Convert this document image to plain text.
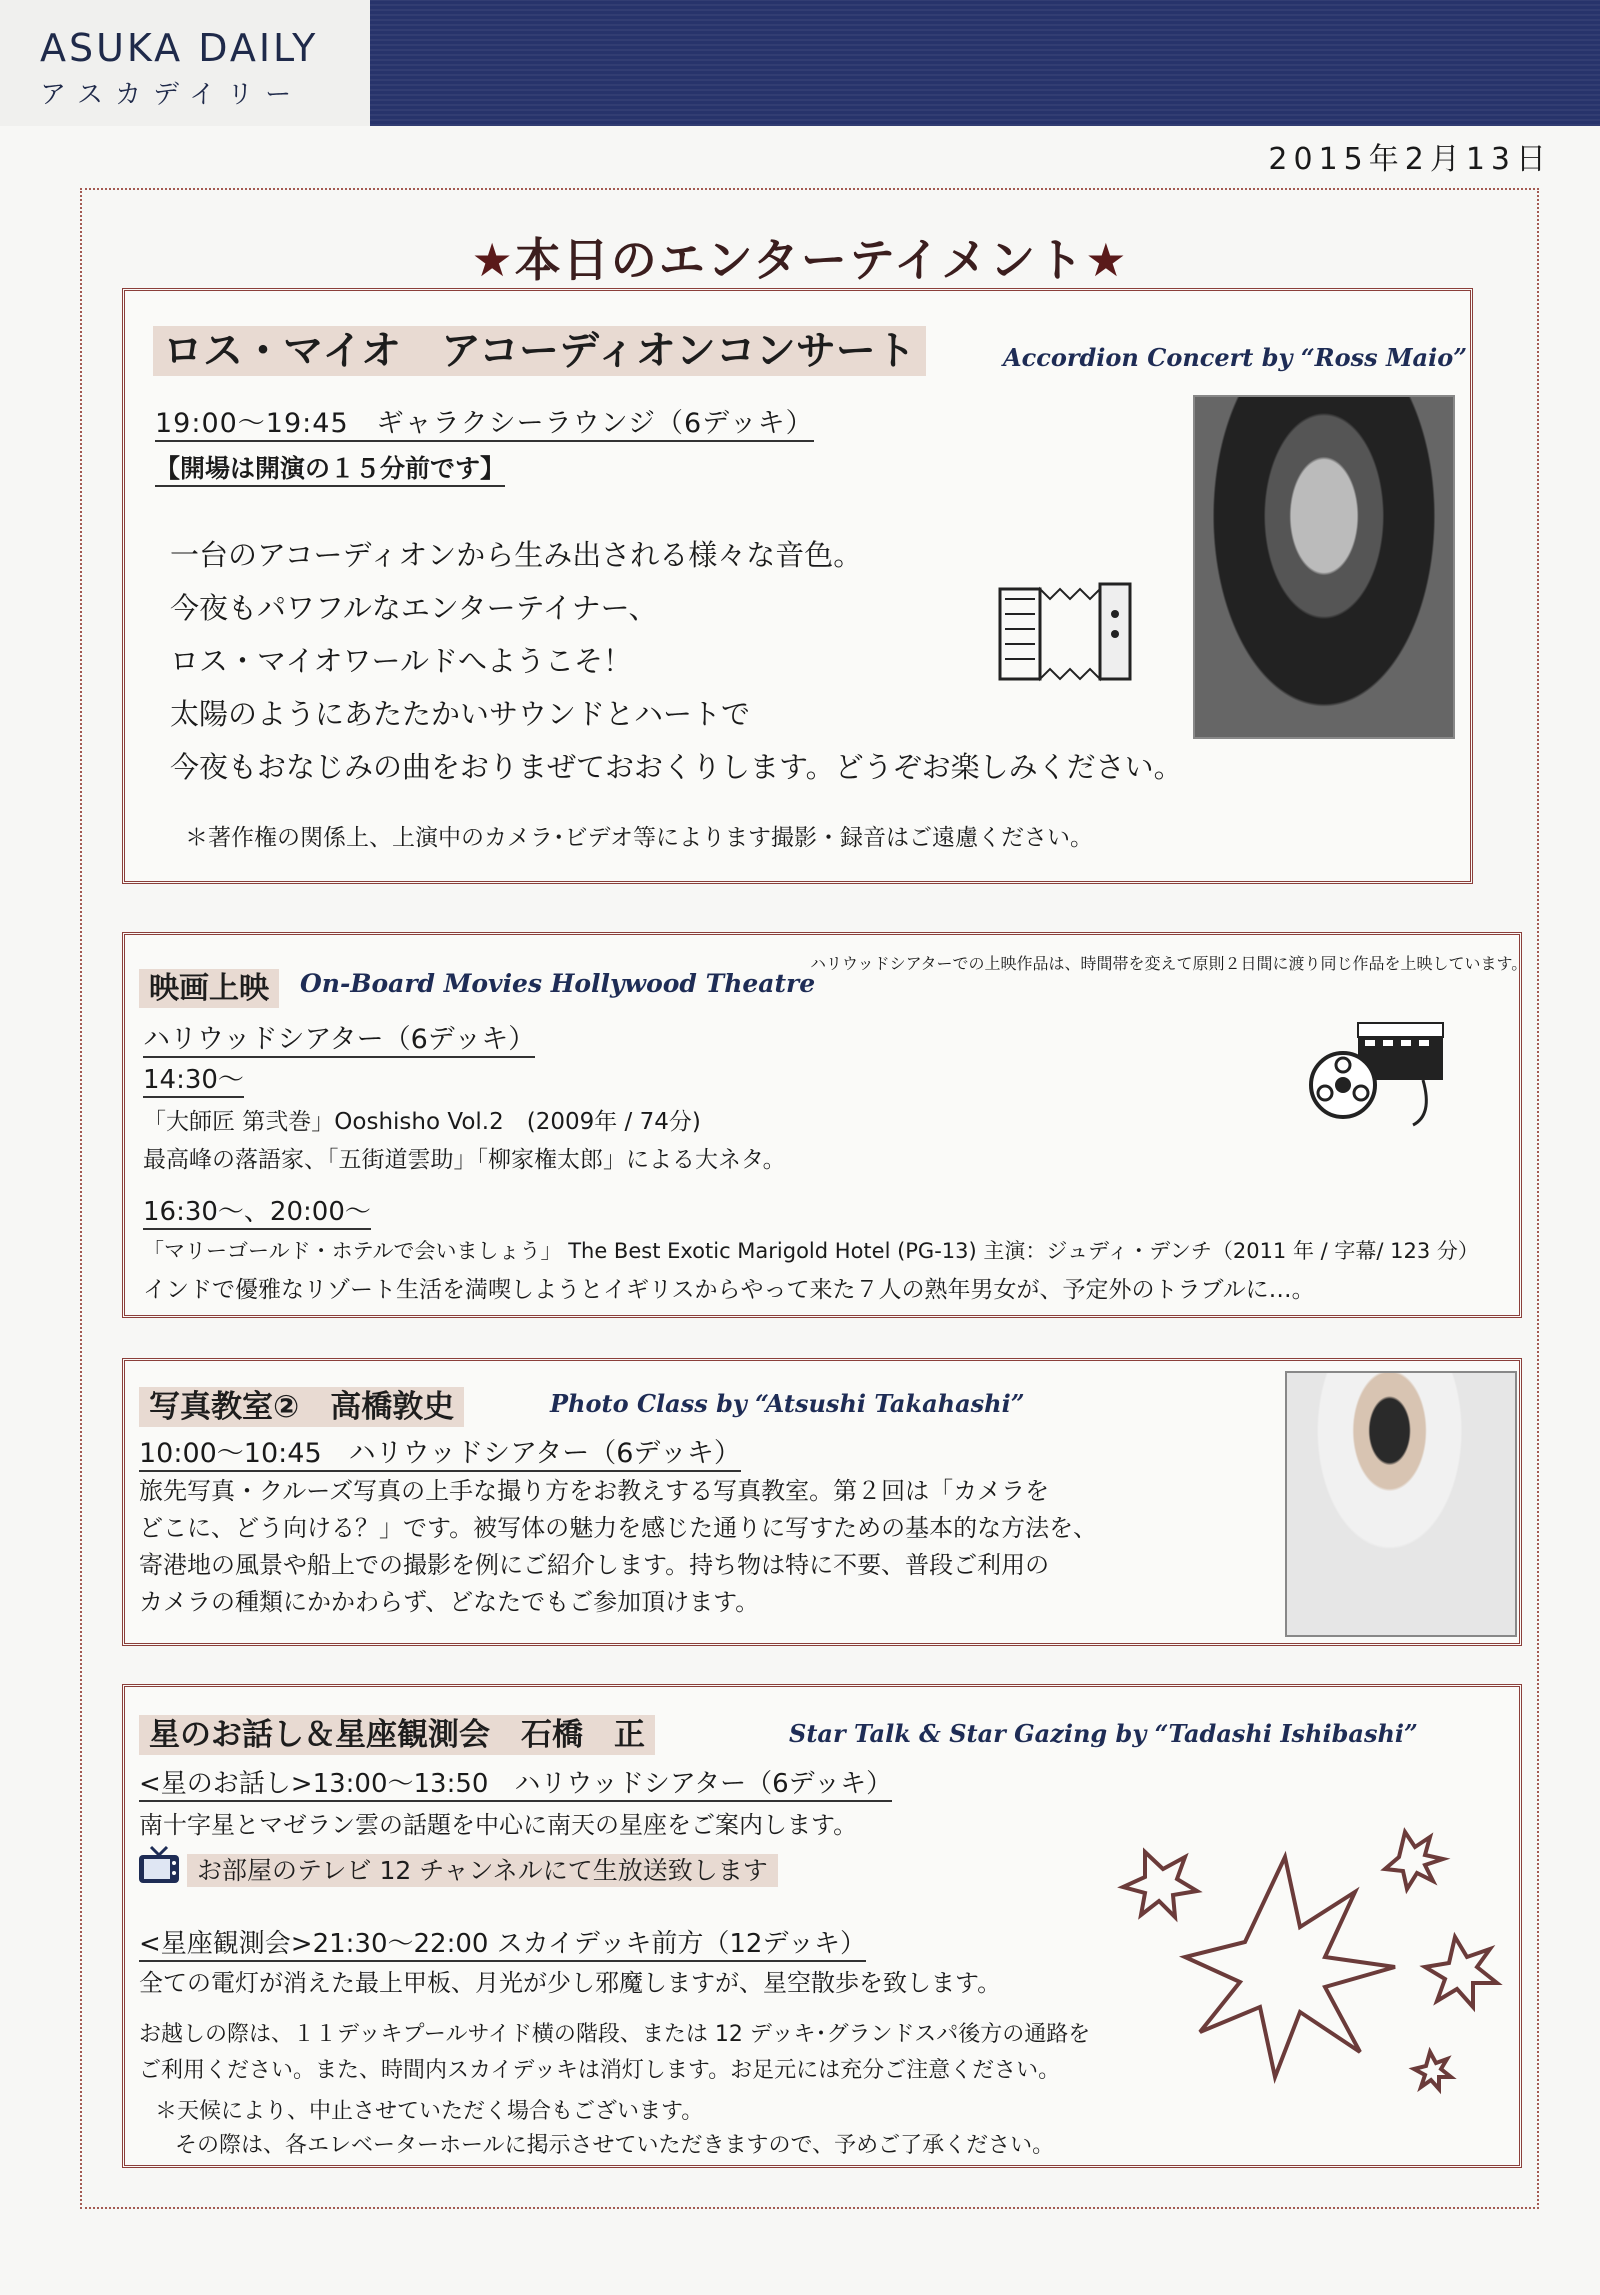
ASUKA DAILY
アスカデイリー
2015年2月13日
★本日のエンターテイメント★
ロス・マイオ　アコーディオンコンサート	Accordion Concert by “Ross Maio”
19:00〜19:45　ギャラクシーラウンジ（6デッキ）
【開場は開演の１５分前です】
一台のアコーディオンから生み出される様々な音色。
今夜もパワフルなエンターテイナー、
ロス・マイオワールドへようこそ！
太陽のようにあたたかいサウンドとハートで
今夜もおなじみの曲をおりまぜておおくりします。どうぞお楽しみください。
＊著作権の関係上、上演中のカメラ･ビデオ等によります撮影・録音はご遠慮ください。
映画上映	On-Board Movies Hollywood Theatre
ハリウッドシアターでの上映作品は、時間帯を変えて原則２日間に渡り同じ作品を上映しています。
ハリウッドシアター（6デッキ）
14:30〜
「大師匠 第弐巻」Ooshisho Vol.2　(2009年 / 74分)
最高峰の落語家、「五街道雲助」「柳家権太郎」による大ネタ。
16:30〜、20:00〜
「マリーゴールド・ホテルで会いましょう」 The Best Exotic Marigold Hotel (PG-13) 主演：ジュディ・デンチ（2011 年 / 字幕/ 123 分）
インドで優雅なリゾート生活を満喫しようとイギリスからやって来た７人の熟年男女が、予定外のトラブルに…。
写真教室②　高橋敦史	Photo Class by “Atsushi Takahashi”
10:00〜10:45　ハリウッドシアター（6デッキ）
旅先写真・クルーズ写真の上手な撮り方をお教えする写真教室。第２回は「カメラを
どこに、どう向ける？」です。被写体の魅力を感じた通りに写すための基本的な方法を、
寄港地の風景や船上での撮影を例にご紹介します。持ち物は特に不要、普段ご利用の
カメラの種類にかかわらず、どなたでもご参加頂けます。
星のお話し＆星座観測会　石橋　正	Star Talk & Star Gazing by “Tadashi Ishibashi”
<星のお話し>13:00〜13:50　ハリウッドシアター（6デッキ）
南十字星とマゼラン雲の話題を中心に南天の星座をご案内します。
お部屋のテレビ 12 チャンネルにて生放送致します
<星座観測会>21:30〜22:00 スカイデッキ前方（12デッキ）
全ての電灯が消えた最上甲板、月光が少し邪魔しますが、星空散歩を致します。
お越しの際は、１１デッキプールサイド横の階段、または 12 デッキ･グランドスパ後方の通路を
ご利用ください。また、時間内スカイデッキは消灯します。お足元には充分ご注意ください。
＊天候により、中止させていただく場合もございます。
その際は、各エレベーターホールに掲示させていただきますので、予めご了承ください。
